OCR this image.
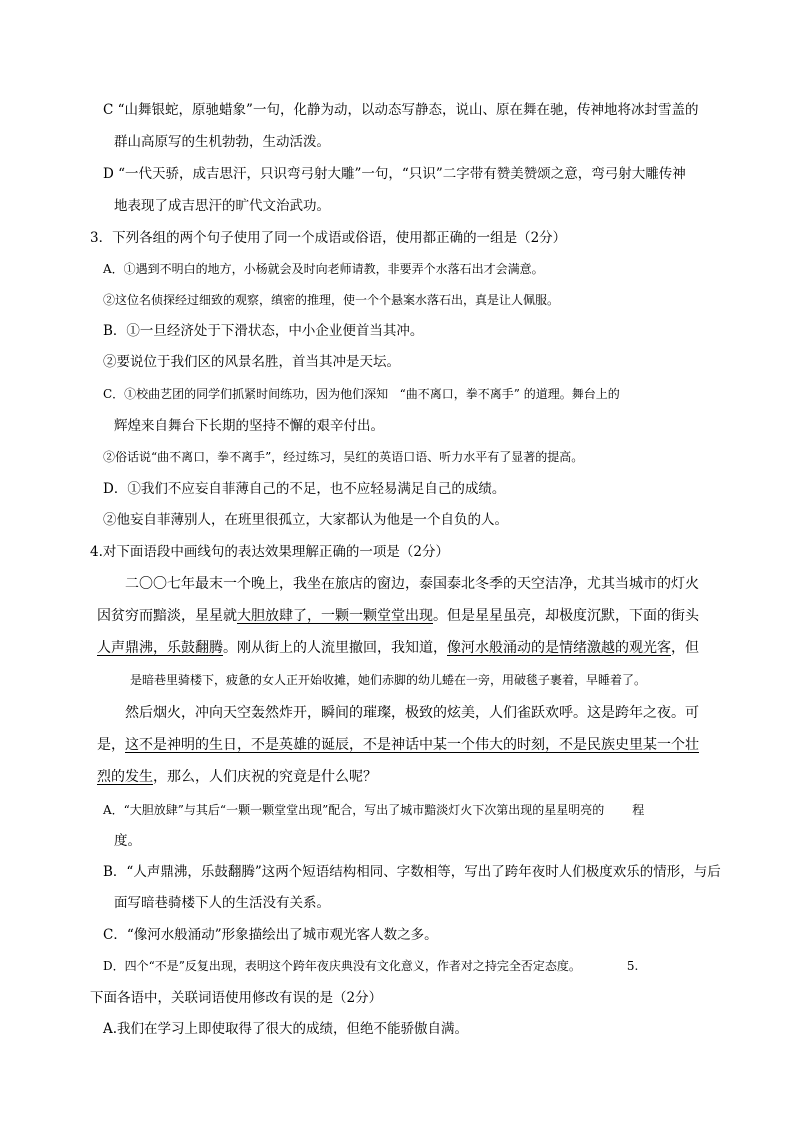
C “山舞银蛇，原驰蜡象”一句，化静为动，以动态写静态，说山、原在舞在驰，传神地将冰封雪盖的
群山高原写的生机勃勃，生动活泼。
D “一代天骄，成吉思汗，只识弯弓射大雕”一句，“只识”二字带有赞美赞颂之意，弯弓射大雕传神
地表现了成吉思汗的旷代文治武功。
3．下列各组的两个句子使用了同一个成语或俗语，使用都正确的一组是（2分）
A．①遇到不明白的地方，小杨就会及时向老师请教，非要弄个水落石出才会满意。
②这位名侦探经过细致的观察，缜密的推理，使一个个悬案水落石出，真是让人佩服。
B．①一旦经济处于下滑状态，中小企业便首当其冲。
②要说位于我们区的风景名胜，首当其冲是天坛。
C．①校曲艺团的同学们抓紧时间练功，因为他们深知 “曲不离口，拳不离手” 的道理。舞台上的
辉煌来自舞台下长期的坚持不懈的艰辛付出。
②俗话说“曲不离口，拳不离手”，经过练习，吴红的英语口语、听力水平有了显著的提高。
D．①我们不应妄自菲薄自己的不足，也不应轻易满足自己的成绩。
②他妄自菲薄别人，在班里很孤立，大家都认为他是一个自负的人。
4.对下面语段中画线句的表达效果理解正确的一项是（2分）
二〇〇七年最末一个晚上，我坐在旅店的窗边，泰国泰北冬季的天空洁净，尤其当城市的灯火
因贫穷而黯淡，星星就大胆放肆了，一颗一颗堂堂出现。但是星星虽亮，却极度沉默，下面的街头
人声鼎沸，乐鼓翻腾。刚从街上的人流里撤回，我知道，像河水般涌动的是情绪激越的观光客，但
是暗巷里骑楼下，疲惫的女人正开始收摊，她们赤脚的幼儿蜷在一旁，用破毯子裹着，早睡着了。
然后烟火，冲向天空轰然炸开，瞬间的璀璨，极致的炫美，人们雀跃欢呼。这是跨年之夜。可
是，这不是神明的生日，不是英雄的诞辰，不是神话中某一个伟大的时刻，不是民族史里某一个壮
烈的发生，那么，人们庆祝的究竟是什么呢？
A．“大胆放肆”与其后“一颗一颗堂堂出现”配合，写出了城市黯淡灯火下次第出现的星星明亮的 程
度。
B．“人声鼎沸，乐鼓翻腾”这两个短语结构相同、字数相等，写出了跨年夜时人们极度欢乐的情形，与后
面写暗巷骑楼下人的生活没有关系。
C．“像河水般涌动”形象描绘出了城市观光客人数之多。
D．四个“不是”反复出现，表明这个跨年夜庆典没有文化意义，作者对之持完全否定态度。	5.
下面各语中，关联词语使用修改有误的是（2分）
A.我们在学习上即使取得了很大的成绩，但绝不能骄傲自满。
